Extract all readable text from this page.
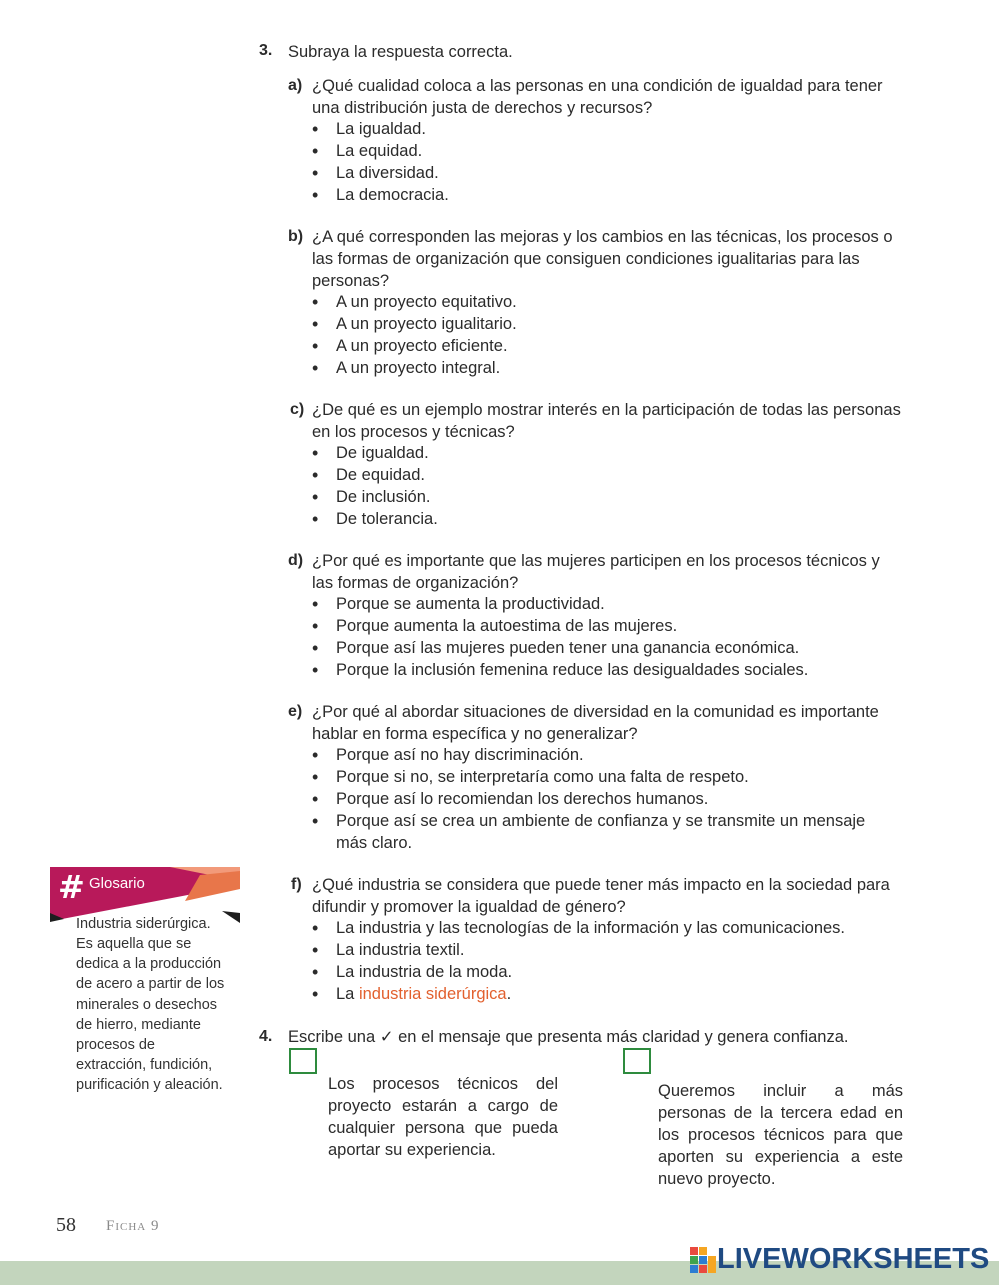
3. Subraya la respuesta correcta.
a) ¿Qué cualidad coloca a las personas en una condición de igualdad para tener una distribución justa de derechos y recursos?
• La igualdad.
• La equidad.
• La diversidad.
• La democracia.
b) ¿A qué corresponden las mejoras y los cambios en las técnicas, los procesos o las formas de organización que consiguen condiciones igualitarias para las personas?
• A un proyecto equitativo.
• A un proyecto igualitario.
• A un proyecto eficiente.
• A un proyecto integral.
c) ¿De qué es un ejemplo mostrar interés en la participación de todas las personas en los procesos y técnicas?
• De igualdad.
• De equidad.
• De inclusión.
• De tolerancia.
d) ¿Por qué es importante que las mujeres participen en los procesos técnicos y las formas de organización?
• Porque se aumenta la productividad.
• Porque aumenta la autoestima de las mujeres.
• Porque así las mujeres pueden tener una ganancia económica.
• Porque la inclusión femenina reduce las desigualdades sociales.
e) ¿Por qué al abordar situaciones de diversidad en la comunidad es importante hablar en forma específica y no generalizar?
• Porque así no hay discriminación.
• Porque si no, se interpretaría como una falta de respeto.
• Porque así lo recomiendan los derechos humanos.
• Porque así se crea un ambiente de confianza y se transmite un mensaje más claro.
f) ¿Qué industria se considera que puede tener más impacto en la sociedad para difundir y promover la igualdad de género?
• La industria y las tecnologías de la información y las comunicaciones.
• La industria textil.
• La industria de la moda.
• La industria siderúrgica.
4. Escribe una ✓ en el mensaje que presenta más claridad y genera confianza.
Los procesos técnicos del proyecto estarán a cargo de cualquier persona que pueda aportar su experiencia.
Queremos incluir a más personas de la tercera edad en los procesos técnicos para que aporten su experiencia a este nuevo proyecto.
# Glosario
Industria siderúrgica.
Es aquella que se dedica a la producción de acero a partir de los minerales o desechos de hierro, mediante procesos de extracción, fundición, purificación y aleación.
58 Ficha 9
LIVEWORKSHEETS
